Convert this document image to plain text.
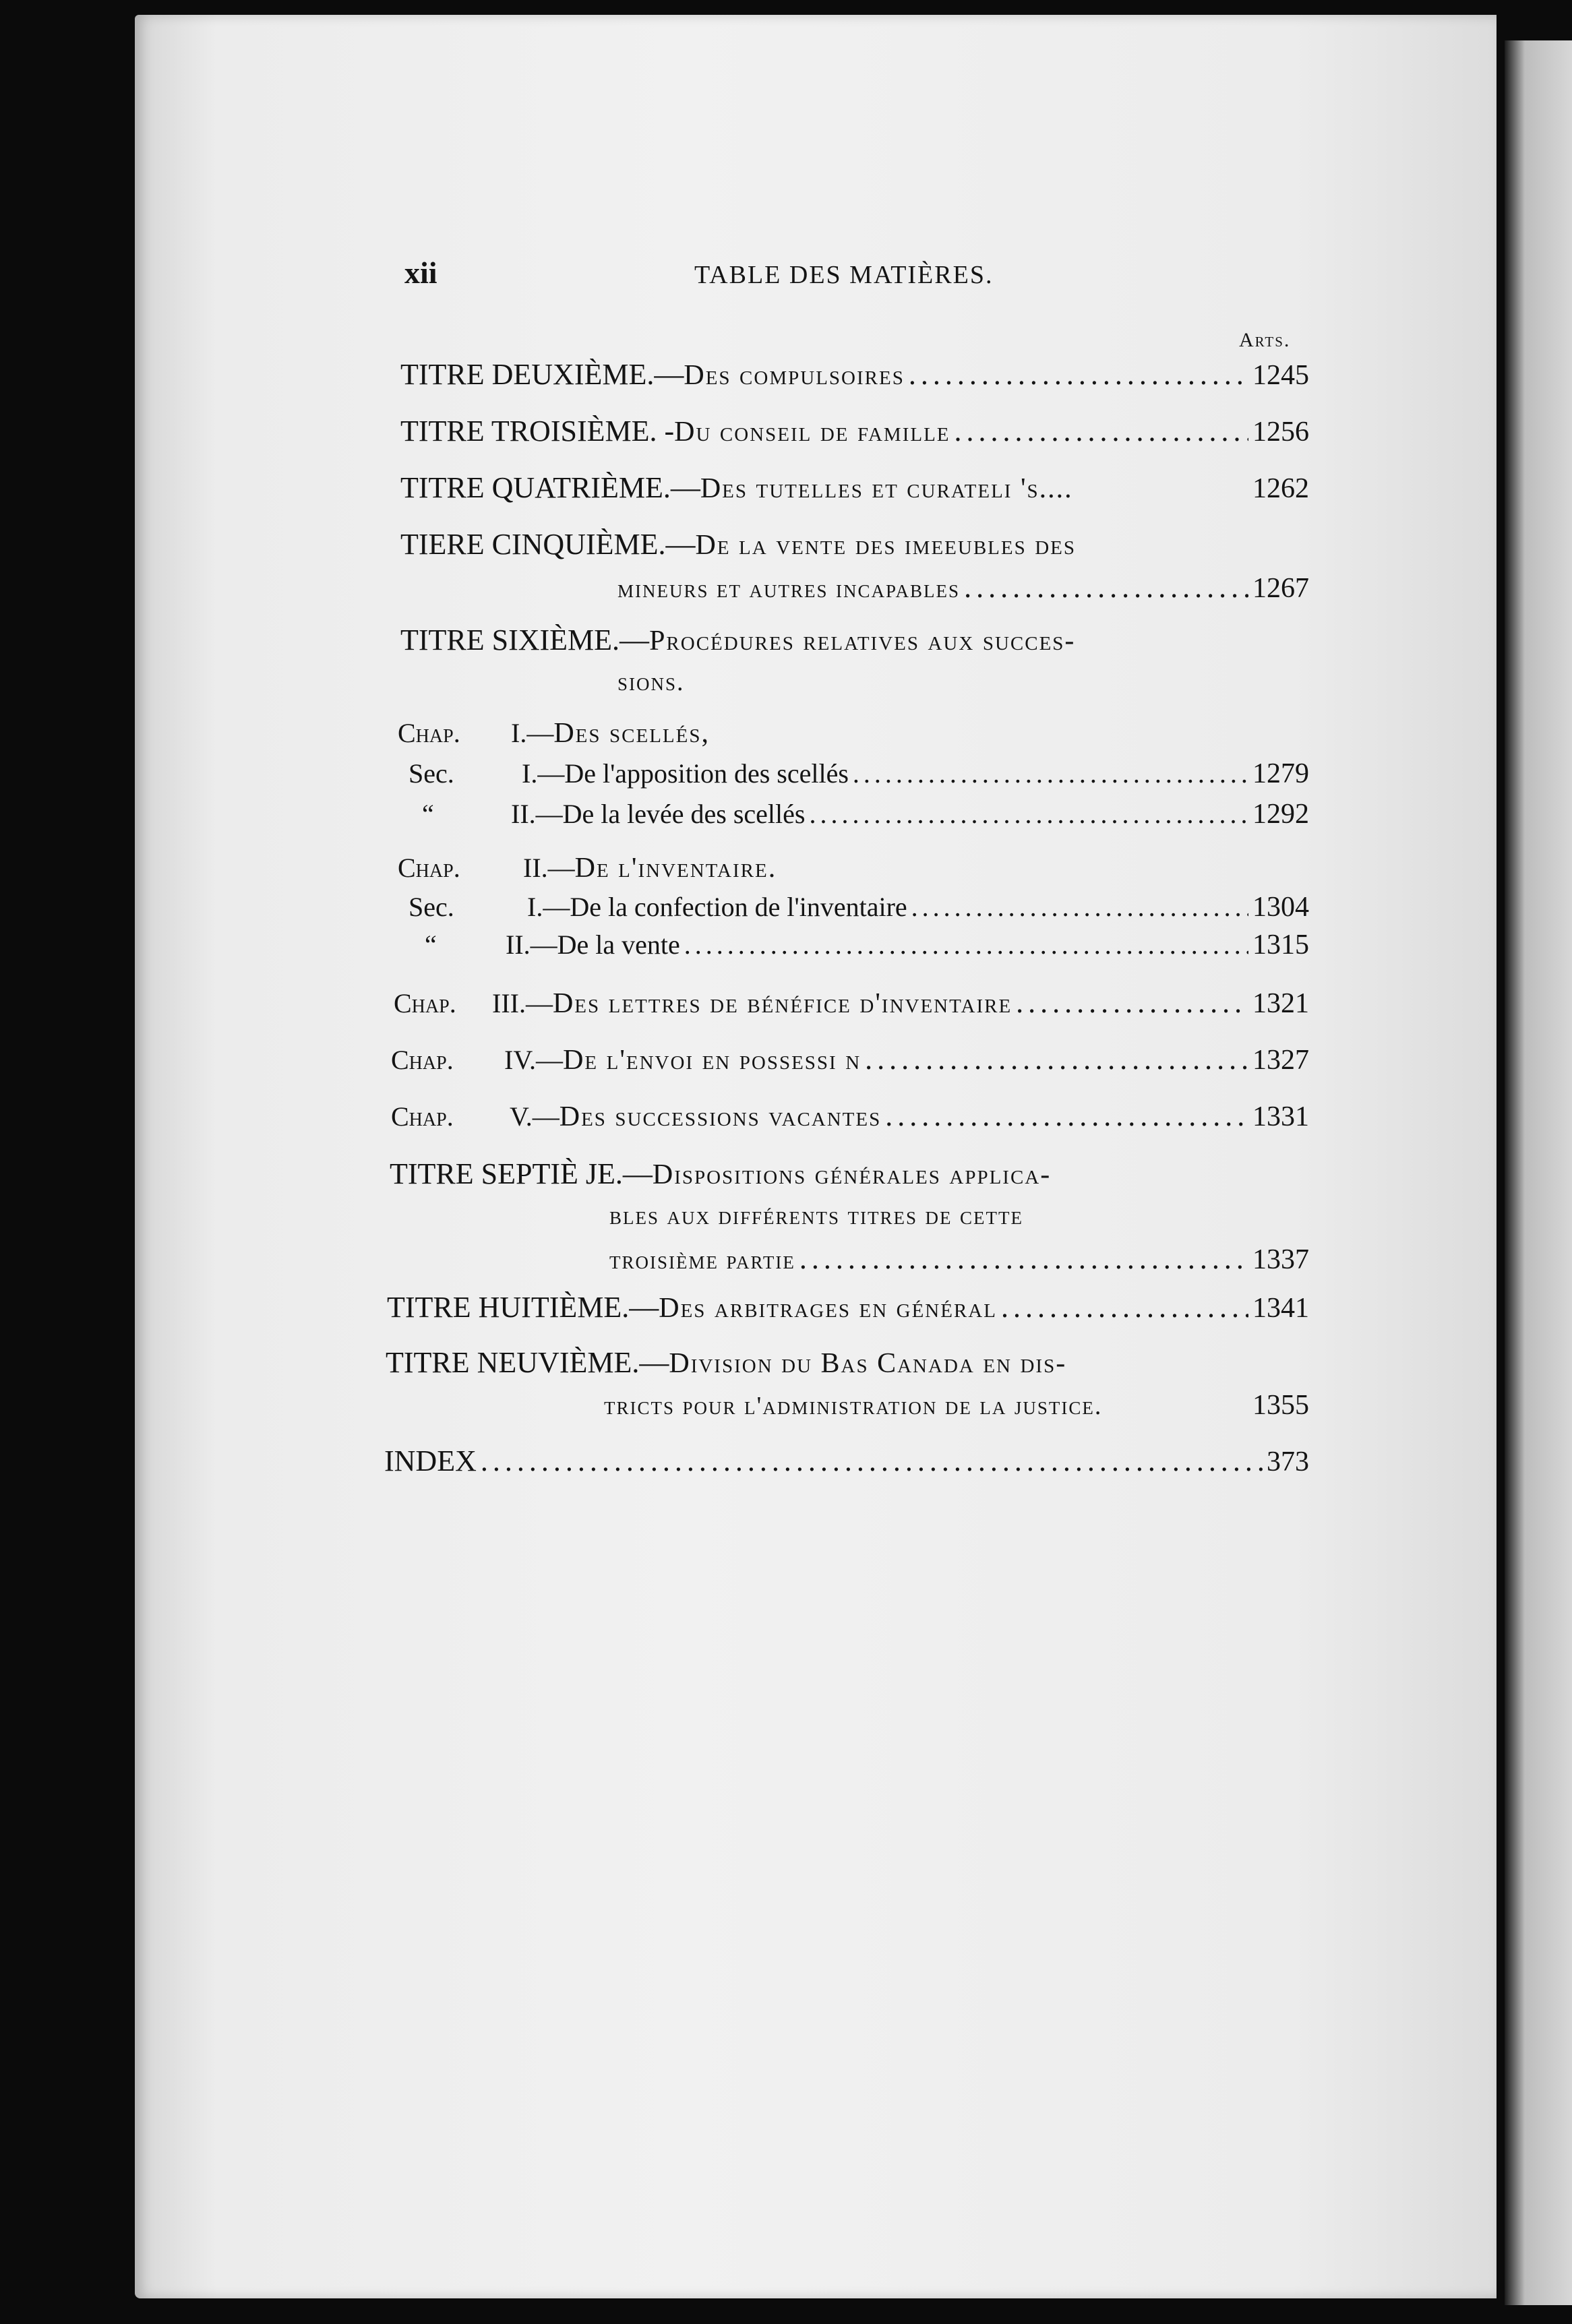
xii	TABLE DES MATIÈRES.
Arts.
TITRE DEUXIÈME.— Des compulsoires . . .	1245
TITRE TROISIÈME. - Du conseil de famille . . .	1256
TITRE QUATRIÈME.— Des tutelles et curateli 's....	1262
TIERE CINQUIÈME.— De la vente des imeeubles des
mineurs et autres incapables . . .	1267
TITRE SIXIÈME.— Procédures relatives aux succes-
sions.
Chap.	I.— Des scellés,
Sec.	I.— De l'apposition des scellés . . .	1279
“	II.— De la levée des scellés . . .	1292
Chap.	II.— De l'inventaire.
Sec.	I.— De la confection de l'inventaire . . .	1304
“	II.— De la vente . . .	1315
Chap.	III.— Des lettres de bénéfice d'inventaire . . .	1321
Chap.	IV.— De l'envoi en possessi n . . .	1327
Chap.	V.— Des successions vacantes . . .	1331
TITRE SEPTIÈ JE.— Dispositions générales applica-
bles aux différents titres de cette
troisième partie . . .	1337
TITRE HUITIÈME.— Des arbitrages en général . . .	1341
TITRE NEUVIÈME.— Division du Bas Canada en dis-
tricts pour l'administration de la justice.	1355
INDEX . . .	373
